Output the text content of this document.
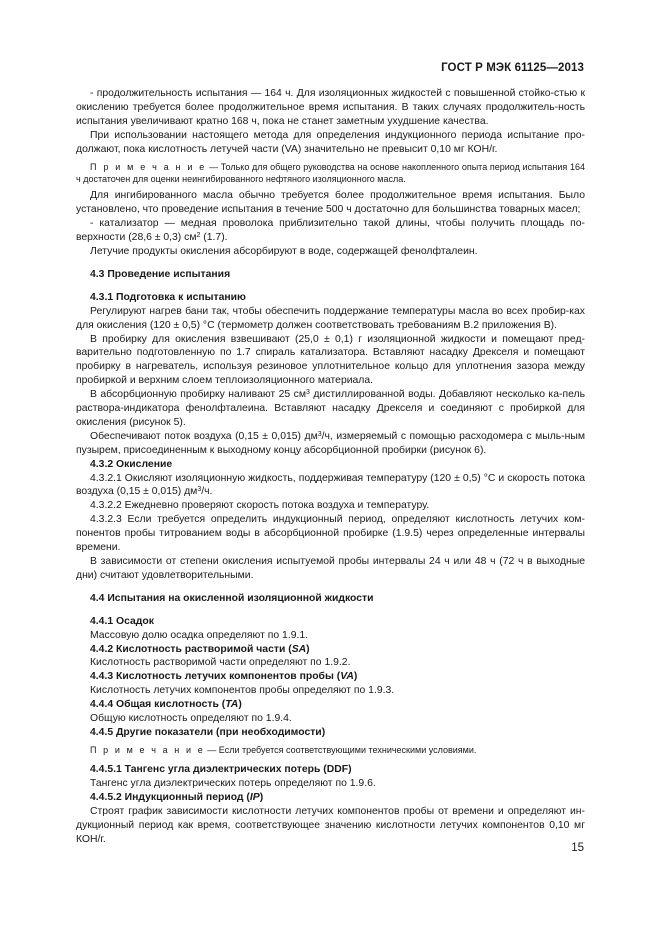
ГОСТ Р МЭК 61125—2013

- продолжительность испытания — 164 ч. Для изоляционных жидкостей с повышенной стойко-стью к окислению требуется более продолжительное время испытания. В таких случаях продолжитель-ность испытания увеличивают кратно 168 ч, пока не станет заметным ухудшение качества.

При использовании настоящего метода для определения индукционного периода испытание про-должают, пока кислотность летучей части (VA) значительно не превысит 0,10 мг КОН/г.

П р и м е ч а н и е — Только для общего руководства на основе накопленного опыта период испытания 164 ч достаточен для оценки неингибированного нефтяного изоляционного масла.

Для ингибированного масла обычно требуется более продолжительное время испытания. Было установлено, что проведение испытания в течение 500 ч достаточно для большинства товарных масел;

- катализатор — медная проволока приблизительно такой длины, чтобы получить площадь по-верхности (28,6 ± 0,3) $см^2$ (1.7).

Летучие продукты окисления абсорбируют в воде, содержащей фенолфталеин.

4.3 Проведение испытания

4.3.1 Подготовка к испытанию

Регулируют нагрев бани так, чтобы обеспечить поддержание температуры масла во всех пробир-ках для окисления (120 ± 0,5) °C (термометр должен соответствовать требованиям В.2 приложения В).

В пробирку для окисления взвешивают (25,0 ± 0,1) г изоляционной жидкости и помещают пред-варительно подготовленную по 1.7 спираль катализатора. Вставляют насадку Дрекселя и помещают пробирку в нагреватель, используя резиновое уплотнительное кольцо для уплотнения зазора между пробиркой и верхним слоем теплоизоляционного материала.

В абсорбционную пробирку наливают 25 $см^3$ дистиллированной воды. Добавляют несколько ка-пель раствора-индикатора фенолфталеина. Вставляют насадку Дрекселя и соединяют с пробиркой для окисления (рисунок 5).

Обеспечивают поток воздуха (0,15 ± 0,015) $дм^3/ч$, измеряемый с помощью расходомера с мыль-ным пузырем, присоединенным к выходному концу абсорбционной пробирки (рисунок 6).

4.3.2 Окисление

4.3.2.1 Окисляют изоляционную жидкость, поддерживая температуру (120 ± 0,5) °C и скорость потока воздуха (0,15 ± 0,015) $дм^3/ч$.

4.3.2.2 Ежедневно проверяют скорость потока воздуха и температуру.

4.3.2.3 Если требуется определить индукционный период, определяют кислотность летучих ком-понентов пробы титрованием воды в абсорбционной пробирке (1.9.5) через определенные интервалы времени.

В зависимости от степени окисления испытуемой пробы интервалы 24 ч или 48 ч (72 ч в выходные дни) считают удовлетворительными.

4.4 Испытания на окисленной изоляционной жидкости

4.4.1 Осадок

Массовую долю осадка определяют по 1.9.1.

4.4.2 Кислотность растворимой части (SA)

Кислотность растворимой части определяют по 1.9.2.

4.4.3 Кислотность летучих компонентов пробы (VA)

Кислотность летучих компонентов пробы определяют по 1.9.3.

4.4.4 Общая кислотность (TA)

Общую кислотность определяют по 1.9.4.

4.4.5 Другие показатели (при необходимости)

П р и м е ч а н и е — Если требуется соответствующими техническими условиями.

4.4.5.1 Тангенс угла диэлектрических потерь (DDF)

Тангенс угла диэлектрических потерь определяют по 1.9.6.

4.4.5.2 Индукционный период (IP)

Строят график зависимости кислотности летучих компонентов пробы от времени и определяют ин-дукционный период как время, соответствующее значению кислотности летучих компонентов 0,10 мг КОН/г.

15
